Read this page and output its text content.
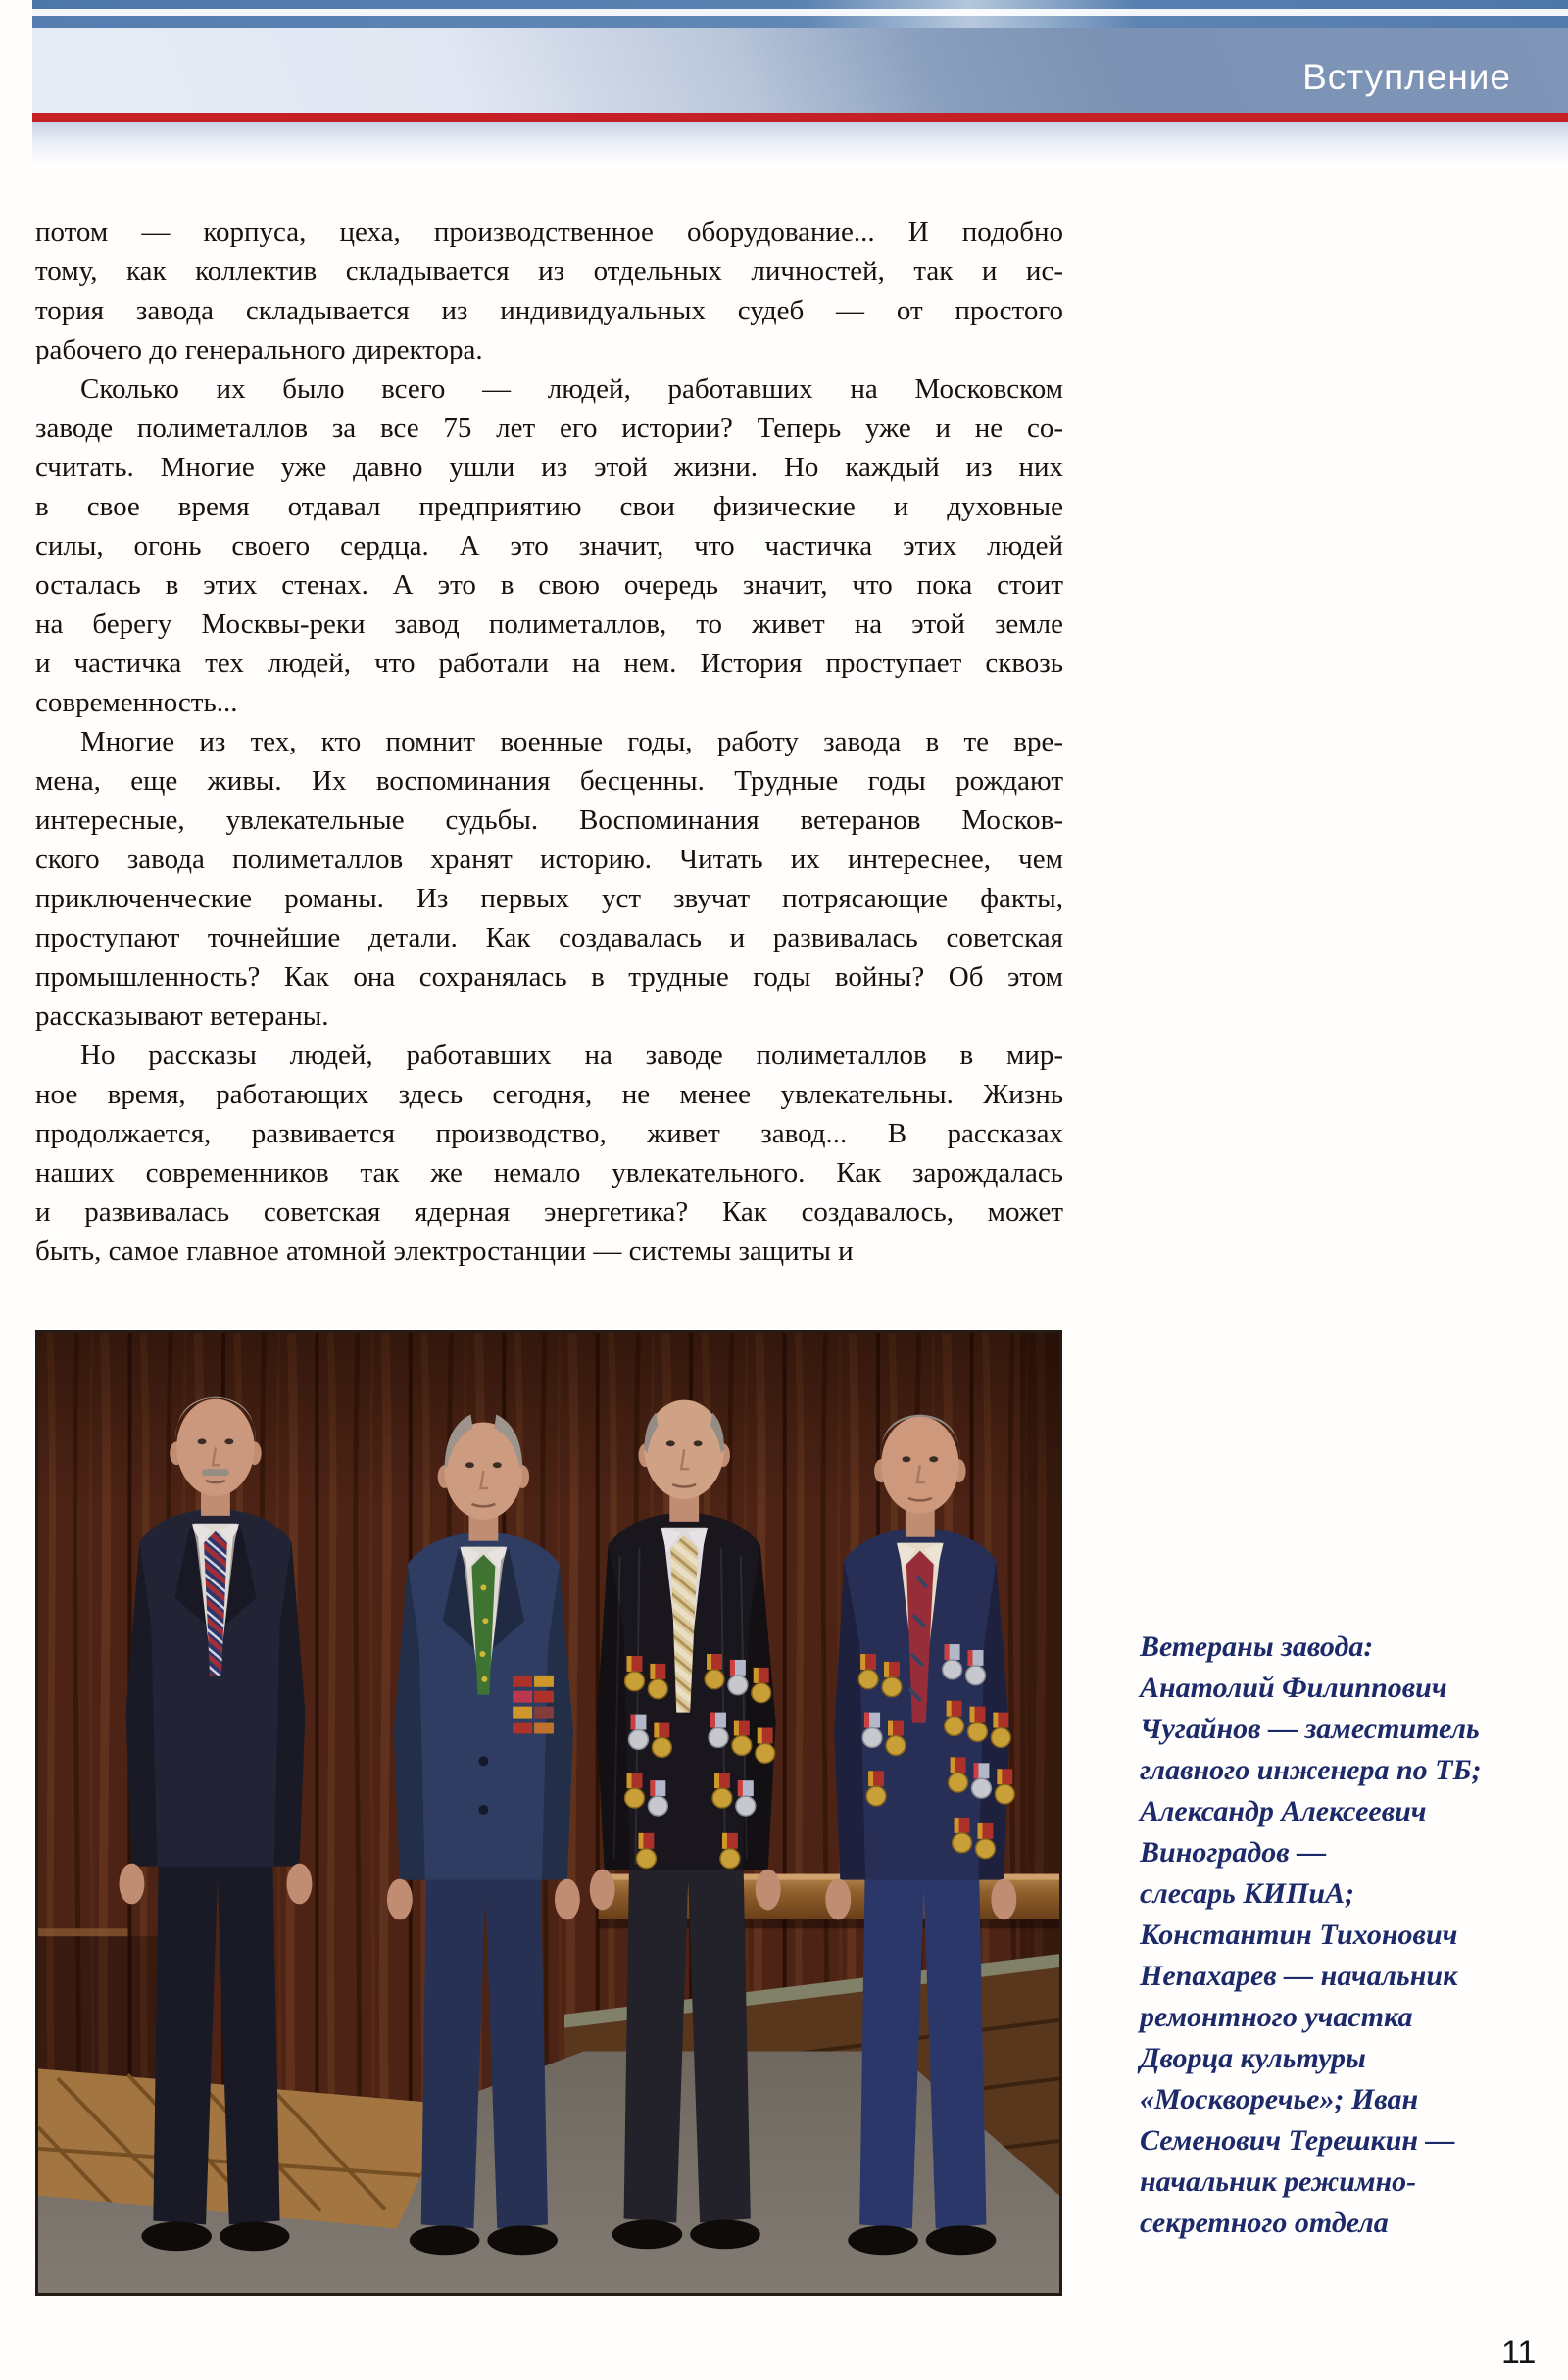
Вступление
потом — корпуса, цеха, производственное оборудование... И подобно
тому, как коллектив складывается из отдельных личностей, так и ис-
тория завода складывается из индивидуальных судеб — от простого
рабочего до генерального директора.
Сколько их было всего — людей, работавших на Московском
заводе полиметаллов за все 75 лет его истории? Теперь уже и не со-
считать. Многие уже давно ушли из этой жизни. Но каждый из них
в свое время отдавал предприятию свои физические и духовные
силы, огонь своего сердца. А это значит, что частичка этих людей
осталась в этих стенах. А это в свою очередь значит, что пока стоит
на берегу Москвы-реки завод полиметаллов, то живет на этой земле
и частичка тех людей, что работали на нем. История проступает сквозь
современность...
Многие из тех, кто помнит военные годы, работу завода в те вре-
мена, еще живы. Их воспоминания бесценны. Трудные годы рождают
интересные, увлекательные судьбы. Воспоминания ветеранов Москов-
ского завода полиметаллов хранят историю. Читать их интереснее, чем
приключенческие романы. Из первых уст звучат потрясающие факты,
проступают точнейшие детали. Как создавалась и развивалась советская
промышленность? Как она сохранялась в трудные годы войны? Об этом
рассказывают ветераны.
Но рассказы людей, работавших на заводе полиметаллов в мир-
ное время, работающих здесь сегодня, не менее увлекательны. Жизнь
продолжается, развивается производство, живет завод... В рассказах
наших современников так же немало увлекательного. Как зарождалась
и развивалась советская ядерная энергетика? Как создавалось, может
быть, самое главное атомной электростанции — системы защиты и
Ветераны завода:
Анатолий Филиппович
Чугайнов — заместитель
главного инженера по ТБ;
Александр Алексеевич
Виноградов —
слесарь КИПиА;
Константин Тихонович
Непахарев — начальник
ремонтного участка
Дворца культуры
«Москворечье»; Иван
Семенович Терешкин —
начальник режимно-
секретного отдела
11
